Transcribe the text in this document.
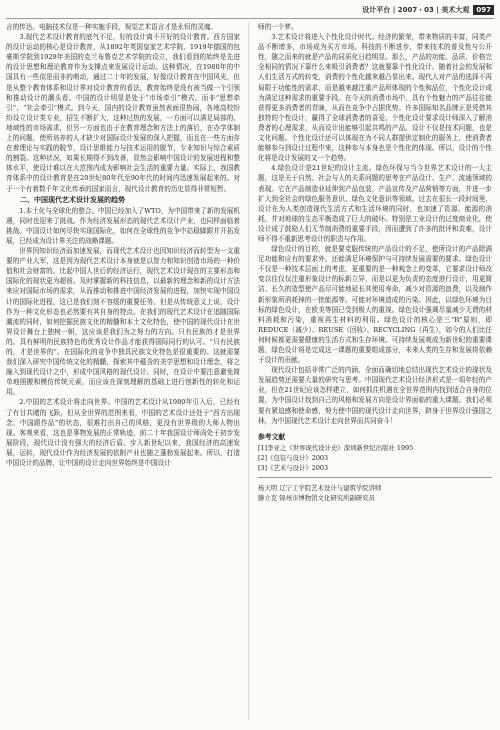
设计平台 | 2007・03 | 美术大观	097

言的传达。电脑技术仅是一种实施手段，视觉艺术语言才是永恒的灵魂。

3.现代艺术设计教育的底气不足，好的设计离不开好的设计教育。西方国家的设计运动的核心是设计教育，从1892年英国皇家艺术学院、1919年德国的包豪斯学院到1929年美国的克兰布鲁克艺术学院的设立，我们看到的始终是先进的设计思想和理论教育作为支撑点来发展设计运动。这种情况，在1980年的中国具有一些似是而非的萌动，通过二十年的发展，好像设计教育在中国风光，但是从整个教育体系和设计界对设计教育的看法，教育始终是没有被当做一个引领和推动设计的潮头看。中国的设计明显是处于“市场牵引”模式，而非“思想牵引”、“社会牵引”模式。到今天，国内的设计教育虽然表面很热闹，各地高校纷纷设立设计类专业，招生不断扩大，这种过热的发展，一方面可以满足局部的、地域性的市场需求，但另一方面也由于在教育理念和方法上的落后，在办学体制上的问题，使所培养的人才缺少对国际设计发展的深入把握，而且在一些方面存在着理论与实践的脱节，设计思维能力与技术运用的脱节，专业知识与综合素质的割裂。这种状况，如果长期得不到改善，显然会影响中国设计的发展进程和整体水平，使设计难以在大范围内成为影响社会生活的重要力量。实际上，我国教育体系中的设计教育是在20世纪80年代至90年代的时间内迅速发展起来的。对于一个有着数千年文化传承的国家而言，现代设计教育的历史显得非常短暂。

二、中国现代艺术设计发展的趋势

1.本土化与全球化的整合。中国已经加入了WTO，为中国带来了新的发展机遇，同时也迎来了挑战。作为经济发展形态的现代艺术设计产业，也同样面临着挑战。中国设计如何尽快实现国际化，如何在全球性的竞争中站稳脚跟并开拓发展，已经成为设计界关注的战略课题。

世界因知识经济而加速发展，而现代艺术设计也因知识经济而转型为一支重要的产业大军，这是因为现代艺术设计本身就是以智力和知识创造市场的一种价值和社会财富的。比起中国人世后的经济运行，现代艺术设计现在的主要形态和国际化的现状更为超前。及时掌握新的科技信息，以最新的理念和新的设计方法来应对国际市场的需求，从而推动和推进中国经济发展的进程，加快实现中国设计的国际化进程，这已是我们刻不容缓的重要任务。但是从传统意义上说，设计作为一种文化形态也必然要有其自身的特点。在我们的现代艺术设计在追随国际潮流的同时，如何挖掘民族文化的精髓和本土文化特色，使中国的现代设计在世界设计舞台上独树一帜，这应该是我们为之努力的方向。只有民族的才是世界的。具有鲜明的民族特色的优秀设计作品才能获得国际同行的认可。“只有民族的，才是世界的”。在国际化的竞争中独具民族文化特色是很重要的。这就需要我们深入研究中国传统文化的精髓，探索其中蕴含的美学思想和设计理念，将之融入到现代设计之中，形成中国风格的现代设计。同时，在设计中要注意避免简单地照搬和模仿传统元素，而应该在深刻理解的基础上进行创新性的转化和运用。

2.中国的艺术设计将走向世界。中国的艺术设计从1980年引入后，已经有了有目共睹的飞跃，但从全世界的范围来看，中国的艺术设计还处于“西方出现念，中国跟作品”的状态，很难打出自己的风格，更没有世界级的大师人物出现。客观来看，这也是事物发展的正常轨迹，前二十年我国设计师尚处于初步发展阶段，现代设计没有强大的经济后盾。步入新世纪以来，我国经济的高速发展，运转，现代设计作为经济发展的依附产业也随之蓬勃发展起来。所以，打造中国设计的品牌，让中国的设计走向世界始终是中国设计

师的一个梦。

3.艺术设计将进入个性化设计时代。经济的繁荣，带来物质的丰富，同类产品不断增多，市场成为买方市场。科技的不断进步，带来技术的普及性与公开性，随之而来的就是产品的同质化日趋明显。那么，产品的功能、品质、价格完全相同的情况下靠什么来吸引消费者？这就要靠个性化设计。随着社会的发展和人们生活方式的转变，消费的个性化越来越凸显出来。现代人对产品的选择不再局限于功能性的需求，而是越来越注重产品所体现的个性和品位，个性化设计成为满足这种需求的重要手段。在今天的消费市场中，具有个性魅力的产品往往能获得更多消费者的青睐，从而在竞争中占据优势。许多国际知名品牌正是凭借其独特的个性设计，赢得了全球消费者的喜爱。个性化设计要求设计师深入了解消费者的心理需求，从而设计出能够引起共鸣的产品。设计不仅是技术问题，也是文化问题。个性化设计还可以体现在为不同人群提供定制化的服务上，使消费者能够参与到设计过程中来，这种参与本身也是个性化的体现。所以，设计的个性化将是设计发展的又一个趋势。

4.绿色设计是21世纪的设计主流。绿色环保与当今世界艺术设计的一大主题，这是关于自然、社会与人的关系问题的思考在产品设计、生产、流通领域的表现。它在产品制造业延伸到产品包装，产品宣传及产品营销等方面，并进一步扩大到全社会的绿色服务意识、绿色文化意识等领域。过去在很长一段时间里，设计在为人类创造现代生活方式和生活环境的同时，也加速了资源、能源的消耗，并对地球的生态平衡造成了巨大的破坏。特别是工业设计的过度商业化，使设计成了鼓励人们无节制消费的重要手段，因而遭到了许多的批评和责难，设计师不得不重新思考设计的职责与作用。

绿色设计的目的，就是要克服传统的产品设计的不足，使所设计的产品除满足功能和应有的要求外，还能满足环境保护与可持续发展需要的要求。绿色设计不仅是一种技术层面上的考虑，更重要的是一种观念上的变革，它要求设计师改变以往仅仅注重形象设计的标新立异，而是以更为负责的态度进行设计，用更简洁、长久的造型使产品尽可能地延长其使用寿命，减少对资源的浪费，以及制作新形象所消耗掉的一批能源等。可能对环境造成的污染。因此，以绿色环境为目标的绿色设计，在欧美等国已受到极大的重视。绿色设计强调尽量减少无谓的材料消耗和污染，重视再生材料的利用。绿色设计的核心是三“R”原则，即REDUCE（减少）、REUSE（回收）、RECYCLING（再生），如今的人们比任何时候都更需要健康的生活方式和生存环境。可持续发展观成为新世纪的重要课题，绿色设计将是完成这一课题的重要组成部分，未来人类的生存和发展将依赖于设计的贡献。

现代设计包括非常广泛的内涵，全面而确切地总结出现代艺术设计的现状及发展趋势还需要大量的研究与思考。中国现代艺术设计经济形式是一项年轻的产业，但在21世纪应该怎样建立，如何抓住机遇在全世界范围内找到适合自身的位置，为中国设计找到自己的风格和发展方向是设计界面临的重大课题。我们必须要有紧迫感和使命感，努力使中国的现代设计走向世界，跻身于世界设计强国之林，为中国现代艺术设计走向世界而共同奋斗！

参考文献
[1]李亚之《世界现代设计史》深圳新世纪出版社 1995
[2]《包装与设计》2003
[3]《艺术与设计》2003
杨天明 辽宁工学院艺术设计与建筑学院讲师
滕立克 锦州市博物馆文化研究所副研究员
